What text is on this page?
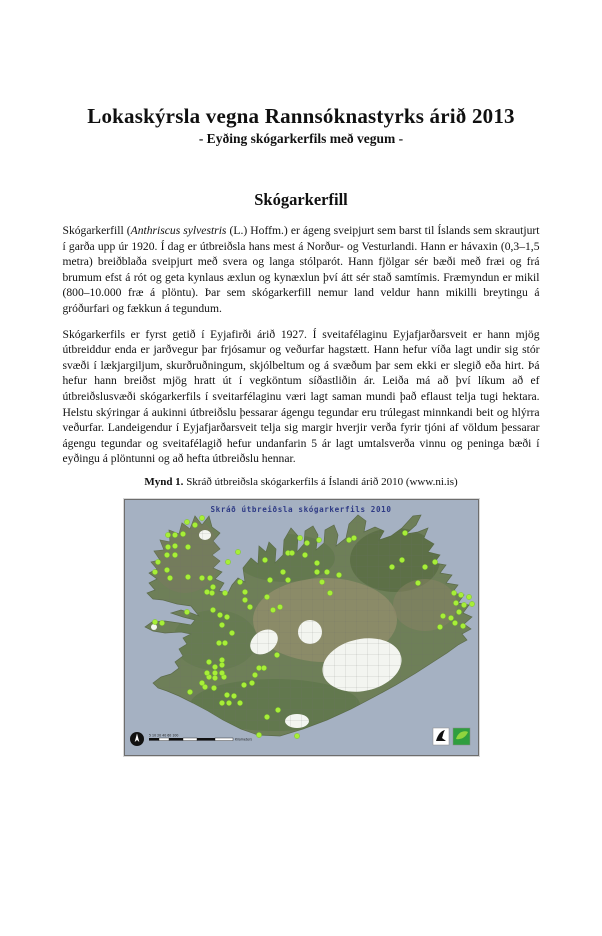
Lokaskýrsla vegna Rannsóknastyrks árið 2013
- Eyðing skógarkerfils með vegum -
Skógarkerfill

Skógarkerfill (Anthriscus sylvestris (L.) Hoffm.) er ágeng sveipjurt sem barst til Íslands sem skrautjurt í garða upp úr 1920. Í dag er útbreiðsla hans mest á Norður- og Vesturlandi. Hann er hávaxin (0,3–1,5 metra) breiðblaða sveipjurt með svera og langa stólparót. Hann fjölgar sér bæði með fræi og frá brumum efst á rót og geta kynlaus æxlun og kynæxlun því átt sér stað samtímis. Fræmyndun er mikil (800–10.000 fræ á plöntu). Þar sem skógarkerfill nemur land veldur hann mikilli breytingu á gróðurfari og fækkun á tegundum.

Skógarkerfils er fyrst getið í Eyjafirði árið 1927. Í sveitafélaginu Eyjafjarðarsveit er hann mjög útbreiddur enda er jarðvegur þar frjósamur og veðurfar hagstætt. Hann hefur víða lagt undir sig stór svæði í lækjargiljum, skurðruðningum, skjólbeltum og á svæðum þar sem ekki er slegið eða hirt. Þá hefur hann breiðst mjög hratt út í vegköntum síðastliðin ár. Leiða má að því líkum að ef útbreiðslusvæði skógarkerfils í sveitarfélaginu væri lagt saman mundi það eflaust telja tugi hektara. Helstu skýringar á aukinni útbreiðslu þessarar ágengu tegundar eru trúlegast minnkandi beit og hlýrra veðurfar. Landeigendur í Eyjafjarðarsveit telja sig margir hverjir verða fyrir tjóni af völdum þessarar ágengu tegundar og sveitafélagið hefur undanfarin 5 ár lagt umtalsverða vinnu og peninga bæði í eyðingu á plöntunni og að hefta útbreiðslu hennar.

Mynd 1. Skráð útbreiðsla skógarkerfils á Íslandi árið 2010 (www.ni.is)

Skráð útbreiðsla skógarkerfils 2010
5 10 20 40 60 100
Kilometers
